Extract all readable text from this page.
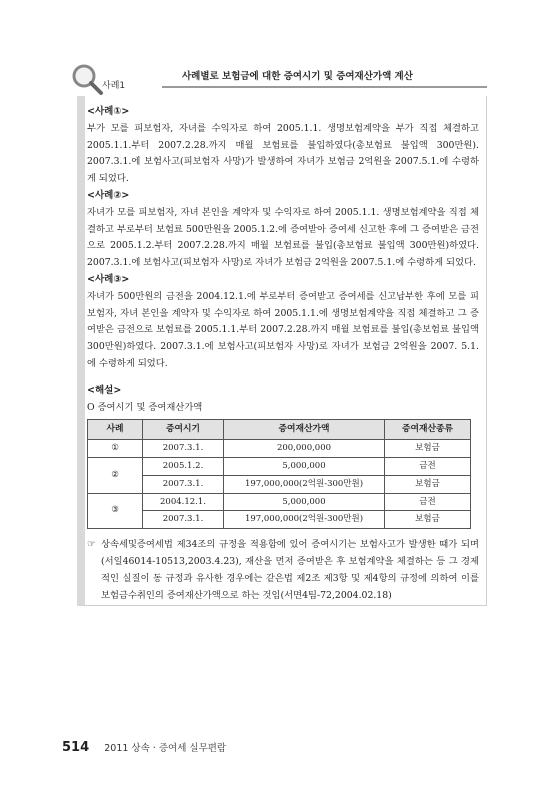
사례1
사례별로 보험금에 대한 증여시기 및 증여재산가액 계산
<사례①>

부가 모를 피보험자, 자녀를 수익자로 하여 2005.1.1. 생명보험계약을 부가 직접 체결하고 2005.1.1.부터 2007.2.28.까지 매월 보험료를 불입하였다(총보험료 불입액 300만원). 2007.3.1.에 보험사고(피보험자 사망)가 발생하여 자녀가 보험금 2억원을 2007.5.1.에 수령하게 되었다.

<사례②>

자녀가 모를 피보험자, 자녀 본인을 계약자 및 수익자로 하여 2005.1.1. 생명보험계약을 직접 체결하고 부로부터 보험료 500만원을 2005.1.2.에 증여받아 증여세 신고한 후에 그 증여받은 금전으로 2005.1.2.부터 2007.2.28.까지 매월 보험료를 불입(총보험료 불입액 300만원)하였다. 2007.3.1.에 보험사고(피보험자 사망)로 자녀가 보험금 2억원을 2007.5.1.에 수령하게 되었다.

<사례③>

자녀가 500만원의 금전을 2004.12.1.에 부로부터 증여받고 증여세를 신고납부한 후에 모를 피보험자, 자녀 본인을 계약자 및 수익자로 하여 2005.1.1.에 생명보험계약을 직접 체결하고 그 증여받은 금전으로 보험료를 2005.1.1.부터 2007.2.28.까지 매월 보험료를 불입(총보험료 불입액 300만원)하였다. 2007.3.1.에 보험사고(피보험자 사망)로 자녀가 보험금 2억원을 2007. 5.1.에 수령하게 되었다.

<해설>
O 증여시기 및 증여재산가액
사례	증여시기	증여재산가액	증여재산종류
①	2007.3.1.	200,000,000	보험금
②	2005.1.2.	5,000,000	금전
	2007.3.1.	197,000,000(2억원-300만원)	보험금
③	2004.12.1.	5,000,000	금전
	2007.3.1.	197,000,000(2억원-300만원)	보험금
☞ 상속세및증여세법 제34조의 규정을 적용함에 있어 증여시기는 보험사고가 발생한 때가 되며(서일46014-10513,2003.4.23), 재산을 먼저 증여받은 후 보험계약을 체결하는 등 그 경제적인 실질이 동 규정과 유사한 경우에는 같은법 제2조 제3항 및 제4항의 규정에 의하여 이를 보험금수취인의 증여재산가액으로 하는 것임(서면4팀-72,2004.02.18)
514 2011 상속 · 증여세 실무편람
